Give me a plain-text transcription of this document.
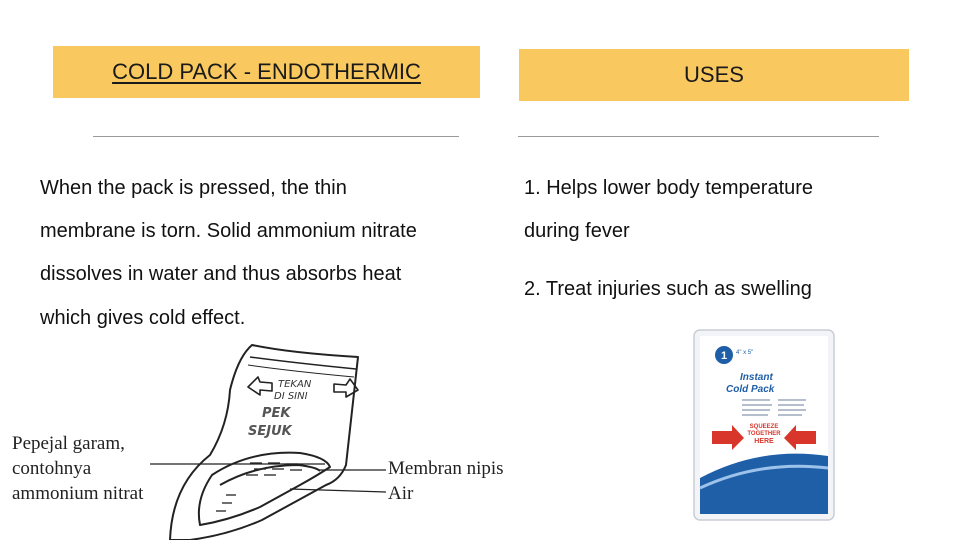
COLD PACK - ENDOTHERMIC	USES
When the pack is pressed, the thin
membrane is torn. Solid ammonium nitrate
dissolves in water and thus absorbs heat
which gives cold effect.
1. Helps lower body temperature
during fever
2. Treat injuries such as swelling
Pepejal garam,
contohnya
ammonium nitrat
Membran nipis
Air
TEKAN
DI SINI
PEK
SEJUK
1 4" x 5"
Instant
Cold Pack
SQUEEZE
TOGETHER
HERE
